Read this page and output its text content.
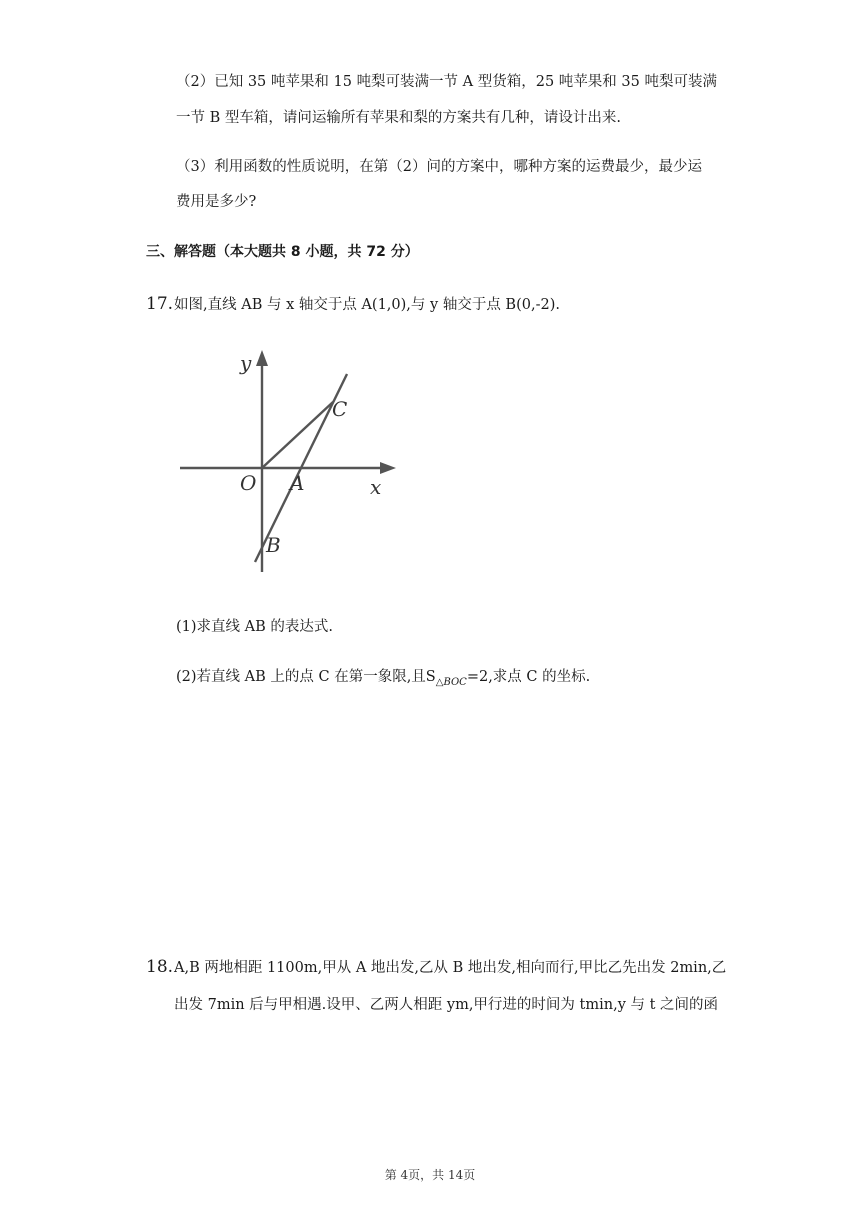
（2）已知 35 吨苹果和 15 吨梨可装满一节 A 型货箱，25 吨苹果和 35 吨梨可装满
一节 B 型车箱，请问运输所有苹果和梨的方案共有几种，请设计出来.
（3）利用函数的性质说明，在第（2）问的方案中，哪种方案的运费最少，最少运
费用是多少?
三、解答题（本大题共 8 小题，共 72 分）
17. 如图,直线 AB 与 x 轴交于点 A(1,0),与 y 轴交于点 B(0,-2).
y
x
O A
B
C
(1)求直线 AB 的表达式.
(2)若直线 AB 上的点 C 在第一象限,且$S_{\triangle BOC}=2$,求点 C 的坐标.
18. A,B 两地相距 1100m,甲从 A 地出发,乙从 B 地出发,相向而行,甲比乙先出发 2min,乙
出发 7min 后与甲相遇.设甲、乙两人相距 ym,甲行进的时间为 tmin,y 与 t 之间的函
第 4页，共 14页
